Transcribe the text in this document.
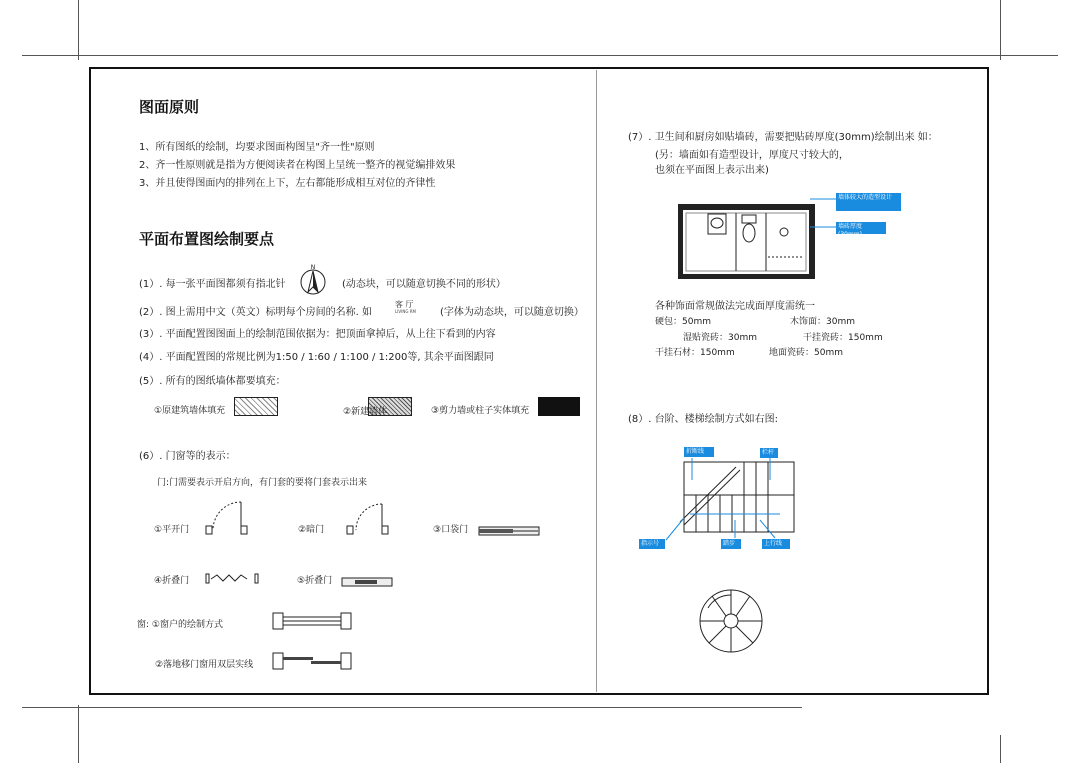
图面原则
1、所有图纸的绘制，均要求图面构图呈"齐一性"原则
2、齐一性原则就是指为方便阅读者在构图上呈统一整齐的视觉编排效果
3、并且使得图面内的排列在上下，左右都能形成相互对位的齐律性
平面布置图绘制要点
(1）. 每一张平面图都须有指北针
N
(动态块，可以随意切换不同的形状）
(2）. 图上需用中文（英文）标明每个房间的名称. 如
客 厅
LIVING RM (字体为动态块，可以随意切换）
(3）. 平面配置图图面上的绘制范围依据为：把顶面拿掉后，从上往下看到的内容
(4）. 平面配置图的常规比例为1:50 / 1:60 / 1:100 / 1:200等, 其余平面图跟同
(5）. 所有的图纸墙体都要填充：
①原建筑墙体填充	②新建墙体	③剪力墙或柱子实体填充
(6）. 门窗等的表示：
门:门需要表示开启方向，有门套的要将门套表示出来
①平开门	②暗门	③口袋门
④折叠门	⑤折叠门
窗: ①窗户的绘制方式
②落地移门窗用双层实线
(7）. 卫生间和厨房如贴墙砖，需要把贴砖厚度(30mm)绘制出来 如：
(另：墙面如有造型设计，厚度尺寸较大的，
也须在平面图上表示出来)
墙体较大的造型设计
墙砖厚度(30mm)
各种饰面常规做法完成面厚度需统一
硬包：50mm	木饰面：30mm
湿贴瓷砖：30mm	干挂瓷砖：150mm
干挂石材：150mm	地面瓷砖：50mm
(8）. 台阶、楼梯绘制方式如右图:
折断线	栏杆
指示号	踏步	上行线
